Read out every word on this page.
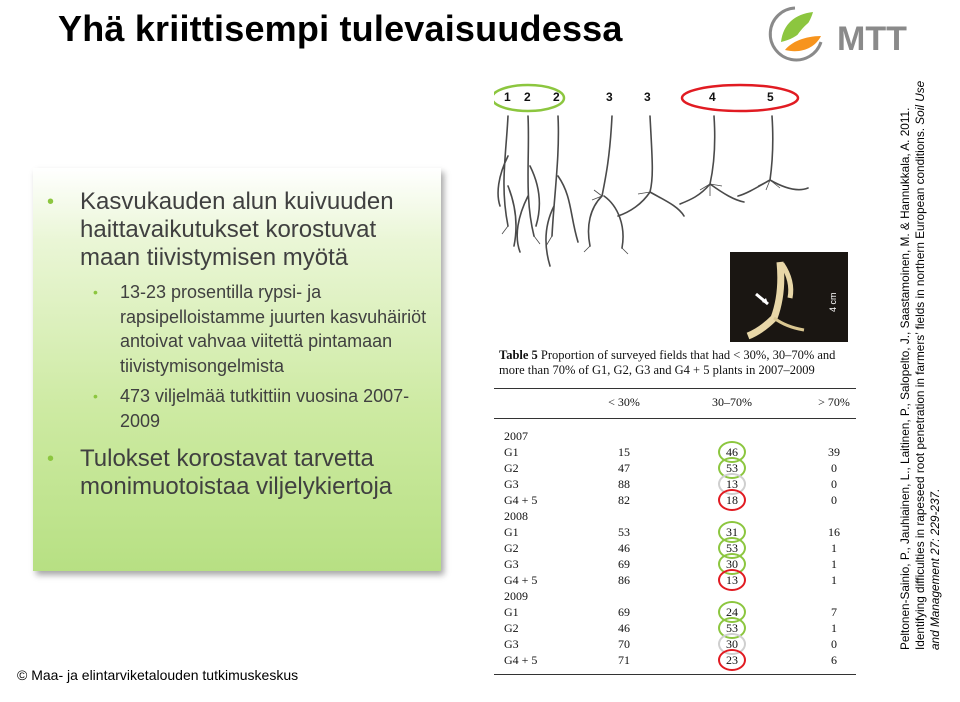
Yhä kriittisempi tulevaisuudessa	MTT
• Kasvukauden alun kuivuuden haittavaikutukset korostuvat maan tiivistymisen myötä
• 13-23 prosentilla rypsi- ja rapsipelloistamme juurten kasvuhäiriöt antoivat vahvaa viitettä pintamaan tiivistymisongelmista
• 473 viljelmää tutkittiin vuosina 2007-2009
• Tulokset korostavat tarvetta monimuotoistaa viljelykiertoja
© Maa- ja elintarviketalouden tutkimuskeskus
1 2 2	3	3	4	5
4 cm
Table 5 Proportion of surveyed fields that had < 30%, 30–70% and more than 70% of G1, G2, G3 and G4 + 5 plants in 2007–2009
< 30%	30–70%	> 70%
2007
G1	15	46	39
G2	47	53	0
G3	88	13	0
G4 + 5	82	18	0
2008
G1	53	31	16
G2	46	53	1
G3	69	30	1
G4 + 5	86	13	1
2009
G1	69	24	7
G2	46	53	1
G3	70	30	0
G4 + 5	71	23	6
Peltonen-Sainio, P., Jauhiainen, L., Laitinen, P., Salopelto, J., Saastamoinen, M. & Hannukkala, A. 2011. Identifying difficulties in rapeseed root penetration in farmers’ fields in northern European conditions. Soil Use and Management 27: 229-237.
